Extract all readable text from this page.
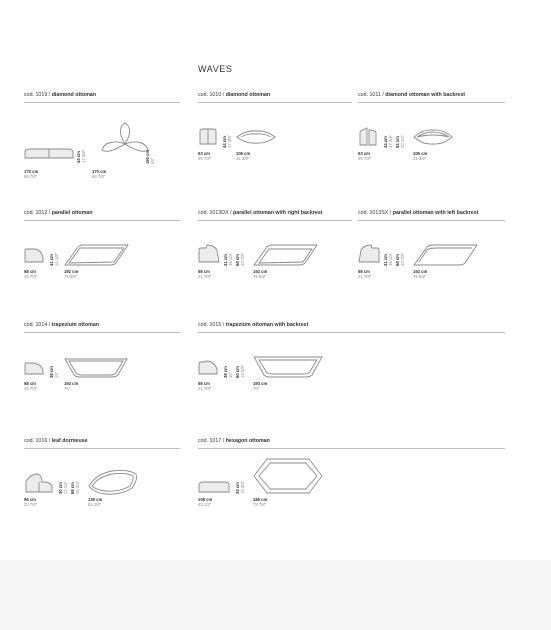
WAVES
cod. 1019 / diamond ottoman
170 cm
66 7/8"
170 cm
66 7/8"
44 cm 17 3/8"	160 cm 63"
cod. 1010 / diamond ottoman
53 cm
20 7/8"
105 cm
41 3/8"
44 cm 17 3/8"
cod. 1011 / diamond ottoman with backrest
53 cm
20 7/8"
105 cm
41 3/8"
44 cm 17 3/8" 52 cm 20 1/2"
cod. 1012 / parallel ottoman
58 cm
22 7/8"
192 cm
75 5/8"
41 cm 16 1/8"
cod. 1013DX / parallel ottoman with right backrest
58 cm
22 7/8"
192 cm
75 5/8"
41 cm 16 1/8" 58 cm 22 7/8"
cod. 1013SX / parallel ottoman with left backrest
58 cm
22 7/8"
192 cm
75 5/8"
41 cm 16 1/8" 58 cm 22 7/8"
cod. 1014 / trapezium ottoman
58 cm
22 7/8"
193 cm
76"
38 cm 15"
cod. 1015 / trapezium ottoman with backrest
58 cm
22 7/8"
193 cm
76"
38 cm 15" 50 cm 19 5/8"
cod. 1016 / leaf dormeuse
96 cm
33 7/8"
135 cm
53 1/8"
30 cm 11 3/4" 68 cm 26 3/4"
cod. 1017 / hexagon ottoman
108 cm
42 1/2"
185 cm
72 7/8"
34 cm 13 3/8"
